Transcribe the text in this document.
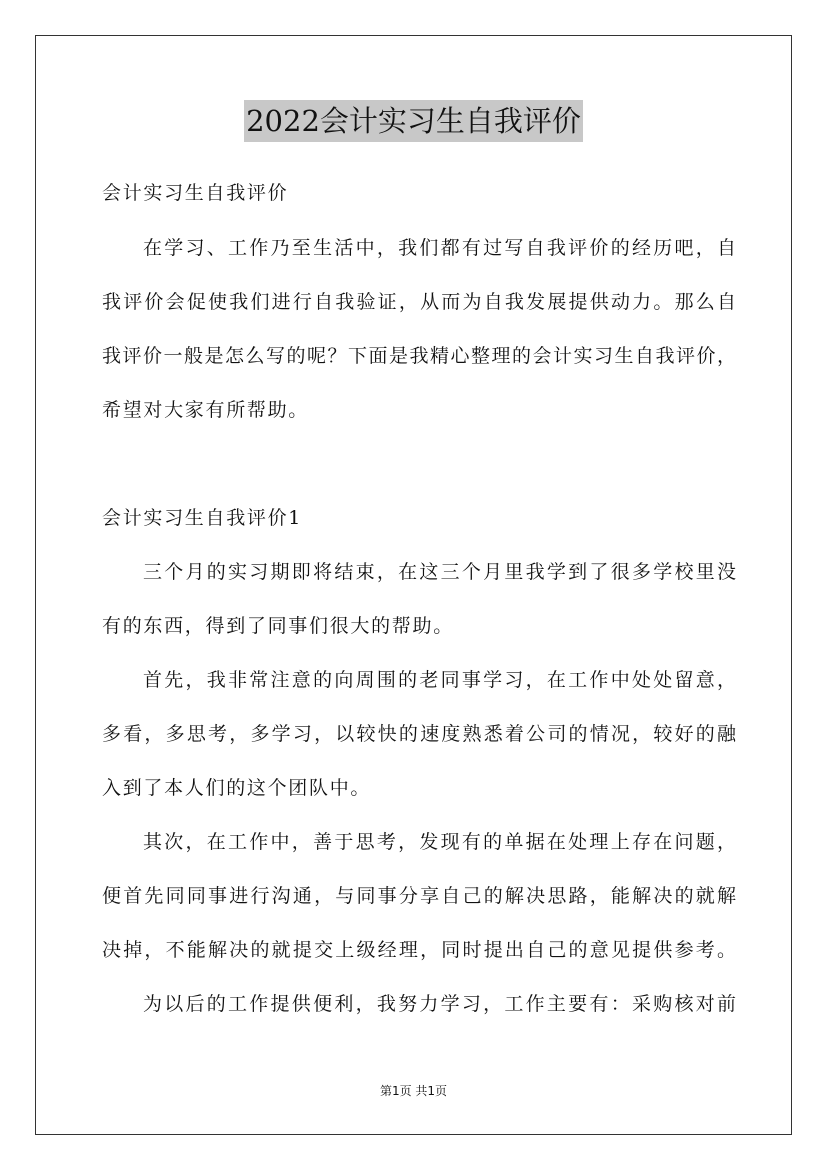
2022会计实习生自我评价
会计实习生自我评价
在学习、工作乃至生活中，我们都有过写自我评价的经历吧，自
我评价会促使我们进行自我验证，从而为自我发展提供动力。那么自
我评价一般是怎么写的呢？下面是我精心整理的会计实习生自我评价，
希望对大家有所帮助。
会计实习生自我评价1
三个月的实习期即将结束，在这三个月里我学到了很多学校里没
有的东西，得到了同事们很大的帮助。
首先，我非常注意的向周围的老同事学习，在工作中处处留意，
多看，多思考，多学习，以较快的速度熟悉着公司的情况，较好的融
入到了本人们的这个团队中。
其次，在工作中，善于思考，发现有的单据在处理上存在问题，
便首先同同事进行沟通，与同事分享自己的解决思路，能解决的就解
决掉，不能解决的就提交上级经理，同时提出自己的意见提供参考。
为以后的工作提供便利，我努力学习，工作主要有：采购核对前
第1页 共1页
